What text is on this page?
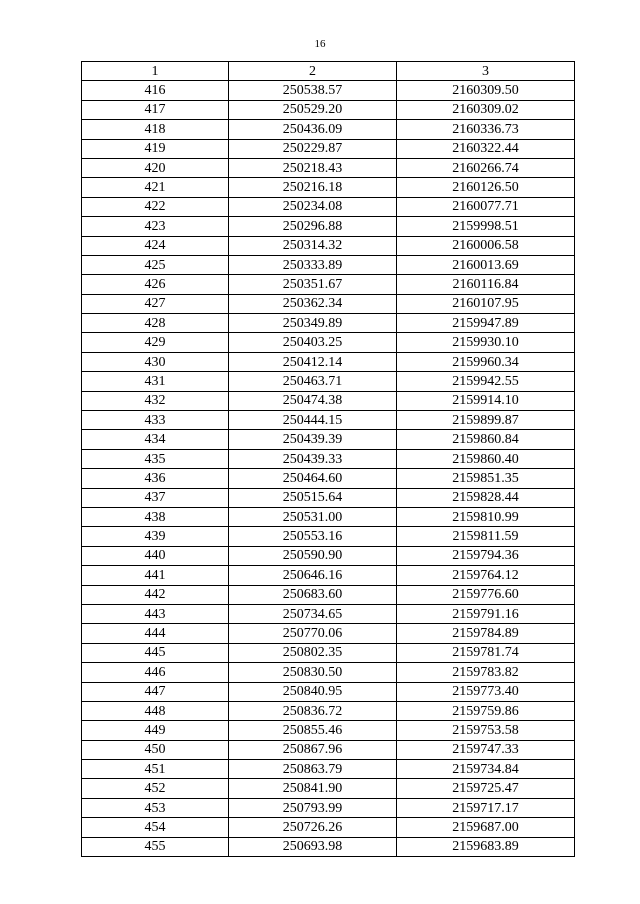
16
1	2	3
416	250538.57	2160309.50
417	250529.20	2160309.02
418	250436.09	2160336.73
419	250229.87	2160322.44
420	250218.43	2160266.74
421	250216.18	2160126.50
422	250234.08	2160077.71
423	250296.88	2159998.51
424	250314.32	2160006.58
425	250333.89	2160013.69
426	250351.67	2160116.84
427	250362.34	2160107.95
428	250349.89	2159947.89
429	250403.25	2159930.10
430	250412.14	2159960.34
431	250463.71	2159942.55
432	250474.38	2159914.10
433	250444.15	2159899.87
434	250439.39	2159860.84
435	250439.33	2159860.40
436	250464.60	2159851.35
437	250515.64	2159828.44
438	250531.00	2159810.99
439	250553.16	2159811.59
440	250590.90	2159794.36
441	250646.16	2159764.12
442	250683.60	2159776.60
443	250734.65	2159791.16
444	250770.06	2159784.89
445	250802.35	2159781.74
446	250830.50	2159783.82
447	250840.95	2159773.40
448	250836.72	2159759.86
449	250855.46	2159753.58
450	250867.96	2159747.33
451	250863.79	2159734.84
452	250841.90	2159725.47
453	250793.99	2159717.17
454	250726.26	2159687.00
455	250693.98	2159683.89
